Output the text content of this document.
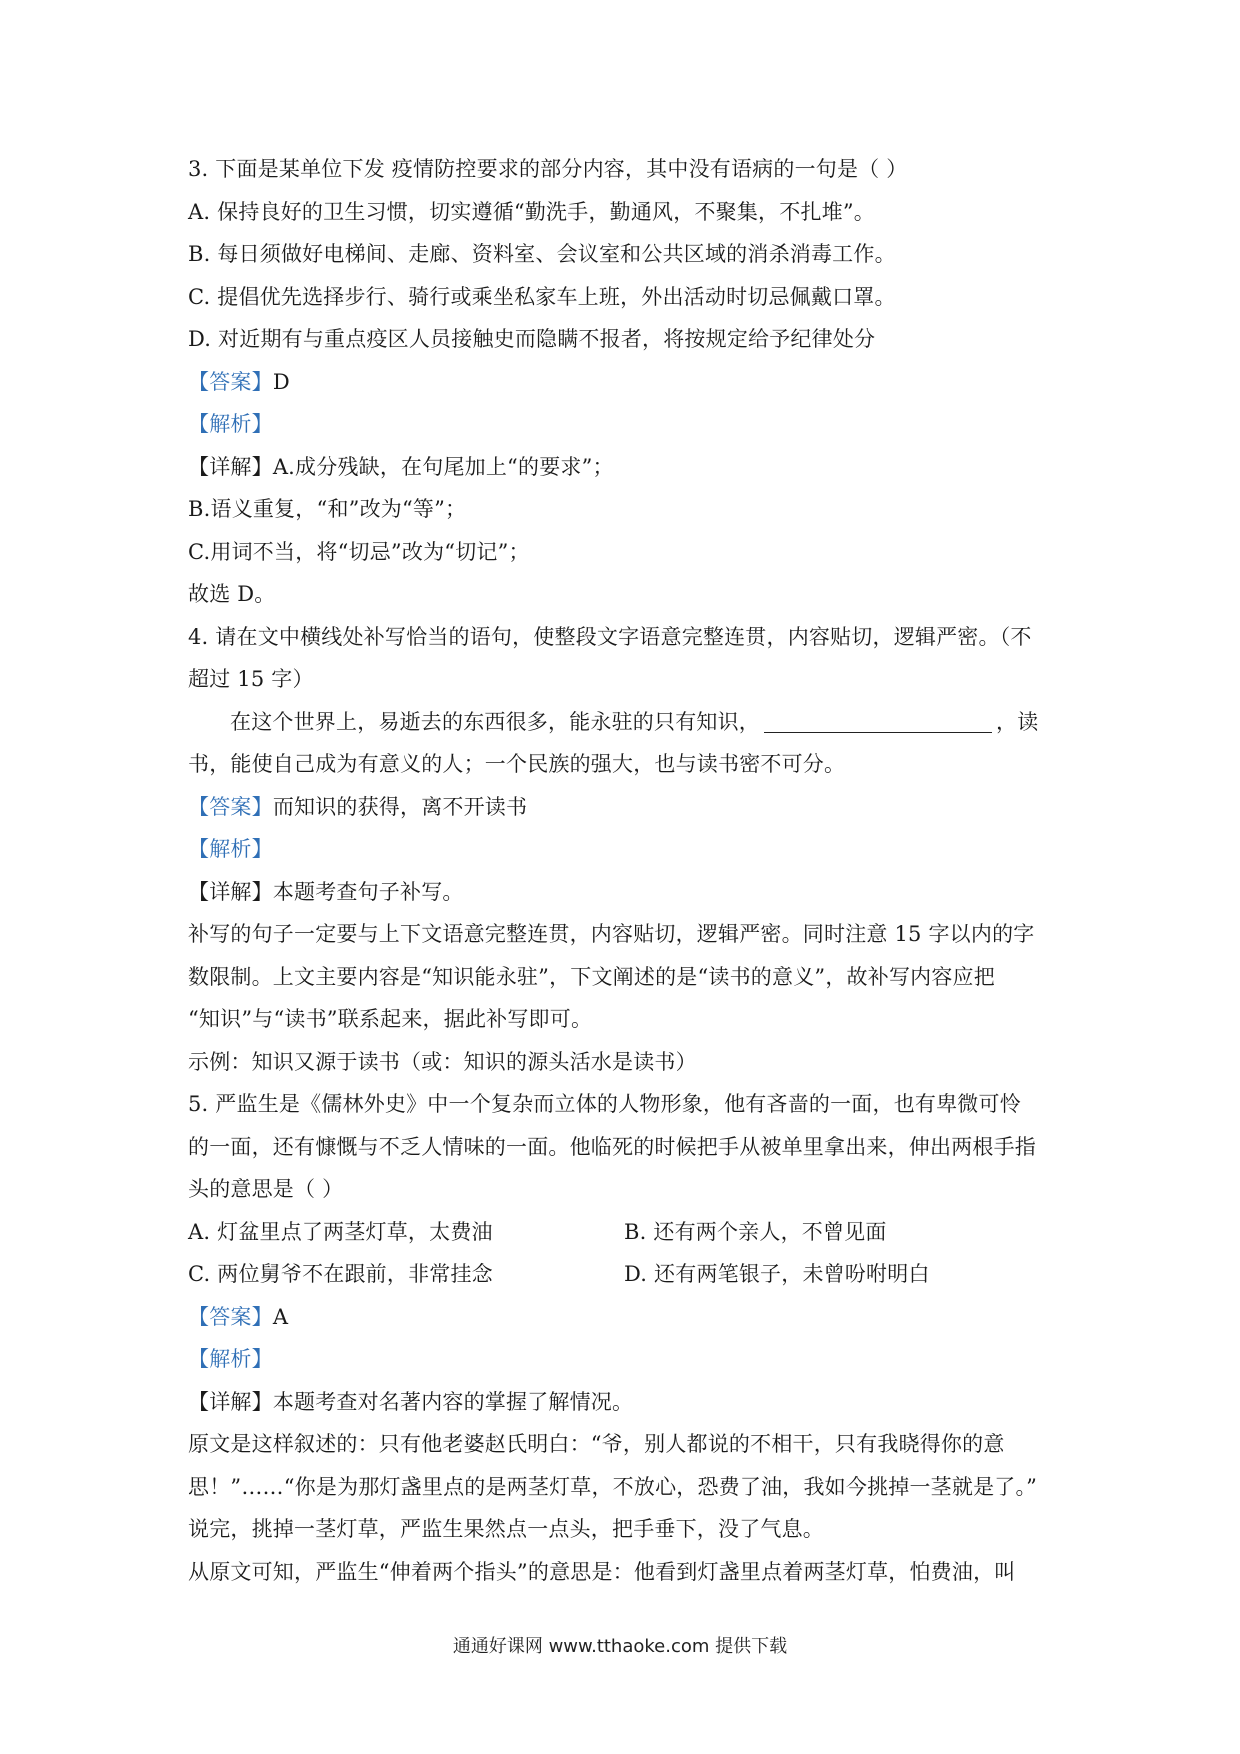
3. 下面是某单位下发 疫情防控要求的部分内容，其中没有语病的一句是（ ）
A. 保持良好的卫生习惯，切实遵循“勤洗手，勤通风，不聚集，不扎堆”。
B. 每日须做好电梯间、走廊、资料室、会议室和公共区域的消杀消毒工作。
C. 提倡优先选择步行、骑行或乘坐私家车上班，外出活动时切忌佩戴口罩。
D. 对近期有与重点疫区人员接触史而隐瞒不报者，将按规定给予纪律处分
【答案】D
【解析】
【详解】A.成分残缺，在句尾加上“的要求”；
B.语义重复，“和”改为“等”；
C.用词不当，将“切忌”改为“切记”；
故选 D。
4. 请在文中横线处补写恰当的语句，使整段文字语意完整连贯，内容贴切，逻辑严密。（不
超过 15 字）
在这个世界上，易逝去的东西很多，能永驻的只有知识，	，读
书，能使自己成为有意义的人；一个民族的强大，也与读书密不可分。
【答案】而知识的获得，离不开读书
【解析】
【详解】本题考查句子补写。
补写的句子一定要与上下文语意完整连贯，内容贴切，逻辑严密。同时注意 15 字以内的字
数限制。上文主要内容是“知识能永驻”，下文阐述的是“读书的意义”，故补写内容应把
“知识”与“读书”联系起来，据此补写即可。
示例：知识又源于读书（或：知识的源头活水是读书）
5. 严监生是《儒林外史》中一个复杂而立体的人物形象，他有吝啬的一面，也有卑微可怜
的一面，还有慷慨与不乏人情味的一面。他临死的时候把手从被单里拿出来，伸出两根手指
头的意思是（ ）
A. 灯盆里点了两茎灯草，太费油	B. 还有两个亲人，不曾见面
C. 两位舅爷不在跟前，非常挂念	D. 还有两笔银子，未曾吩咐明白
【答案】A
【解析】
【详解】本题考查对名著内容的掌握了解情况。
原文是这样叙述的：只有他老婆赵氏明白：“爷，别人都说的不相干，只有我晓得你的意
思！”……“你是为那灯盏里点的是两茎灯草，不放心，恐费了油，我如今挑掉一茎就是了。”
说完，挑掉一茎灯草，严监生果然点一点头，把手垂下，没了气息。
从原文可知，严监生“伸着两个指头”的意思是：他看到灯盏里点着两茎灯草，怕费油，叫
通通好课网 www.tthaoke.com 提供下载
